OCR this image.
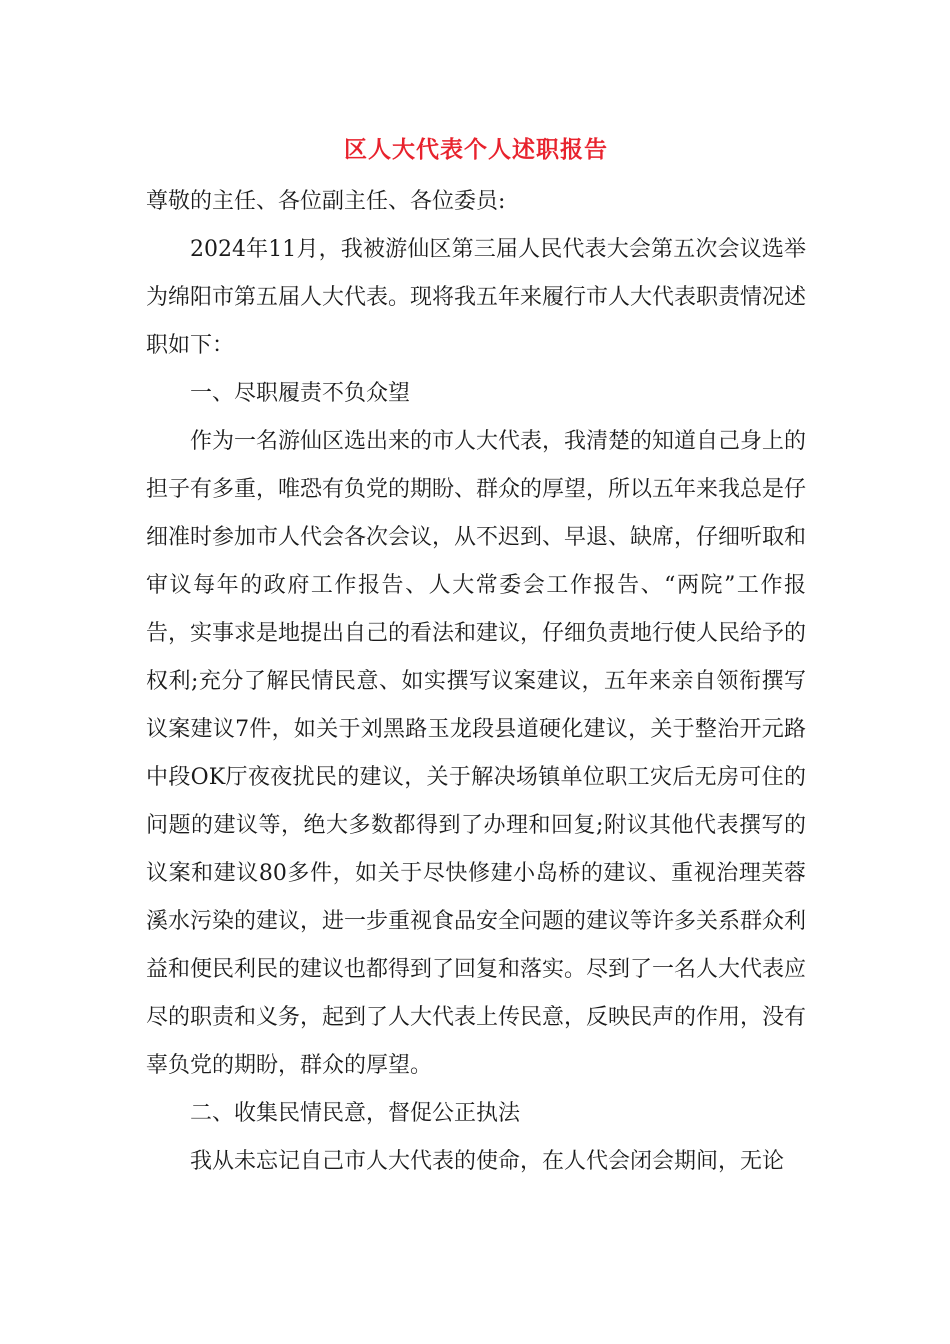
区人大代表个人述职报告

尊敬的主任、各位副主任、各位委员:

2024年11月，我被游仙区第三届人民代表大会第五次会议选举为绵阳市第五届人大代表。现将我五年来履行市人大代表职责情况述职如下：

一、尽职履责不负众望

作为一名游仙区选出来的市人大代表，我清楚的知道自己身上的担子有多重，唯恐有负党的期盼、群众的厚望，所以五年来我总是仔细准时参加市人代会各次会议，从不迟到、早退、缺席，仔细听取和审议每年的政府工作报告、人大常委会工作报告、“两院”工作报告，实事求是地提出自己的看法和建议，仔细负责地行使人民给予的权利;充分了解民情民意、如实撰写议案建议，五年来亲自领衔撰写议案建议7件，如关于刘黑路玉龙段县道硬化建议，关于整治开元路中段OK厅夜夜扰民的建议，关于解决场镇单位职工灾后无房可住的问题的建议等，绝大多数都得到了办理和回复;附议其他代表撰写的议案和建议80多件，如关于尽快修建小岛桥的建议、重视治理芙蓉溪水污染的建议，进一步重视食品安全问题的建议等许多关系群众利益和便民利民的建议也都得到了回复和落实。尽到了一名人大代表应尽的职责和义务，起到了人大代表上传民意，反映民声的作用，没有辜负党的期盼，群众的厚望。

二、收集民情民意，督促公正执法

我从未忘记自己市人大代表的使命，在人代会闭会期间，无论
